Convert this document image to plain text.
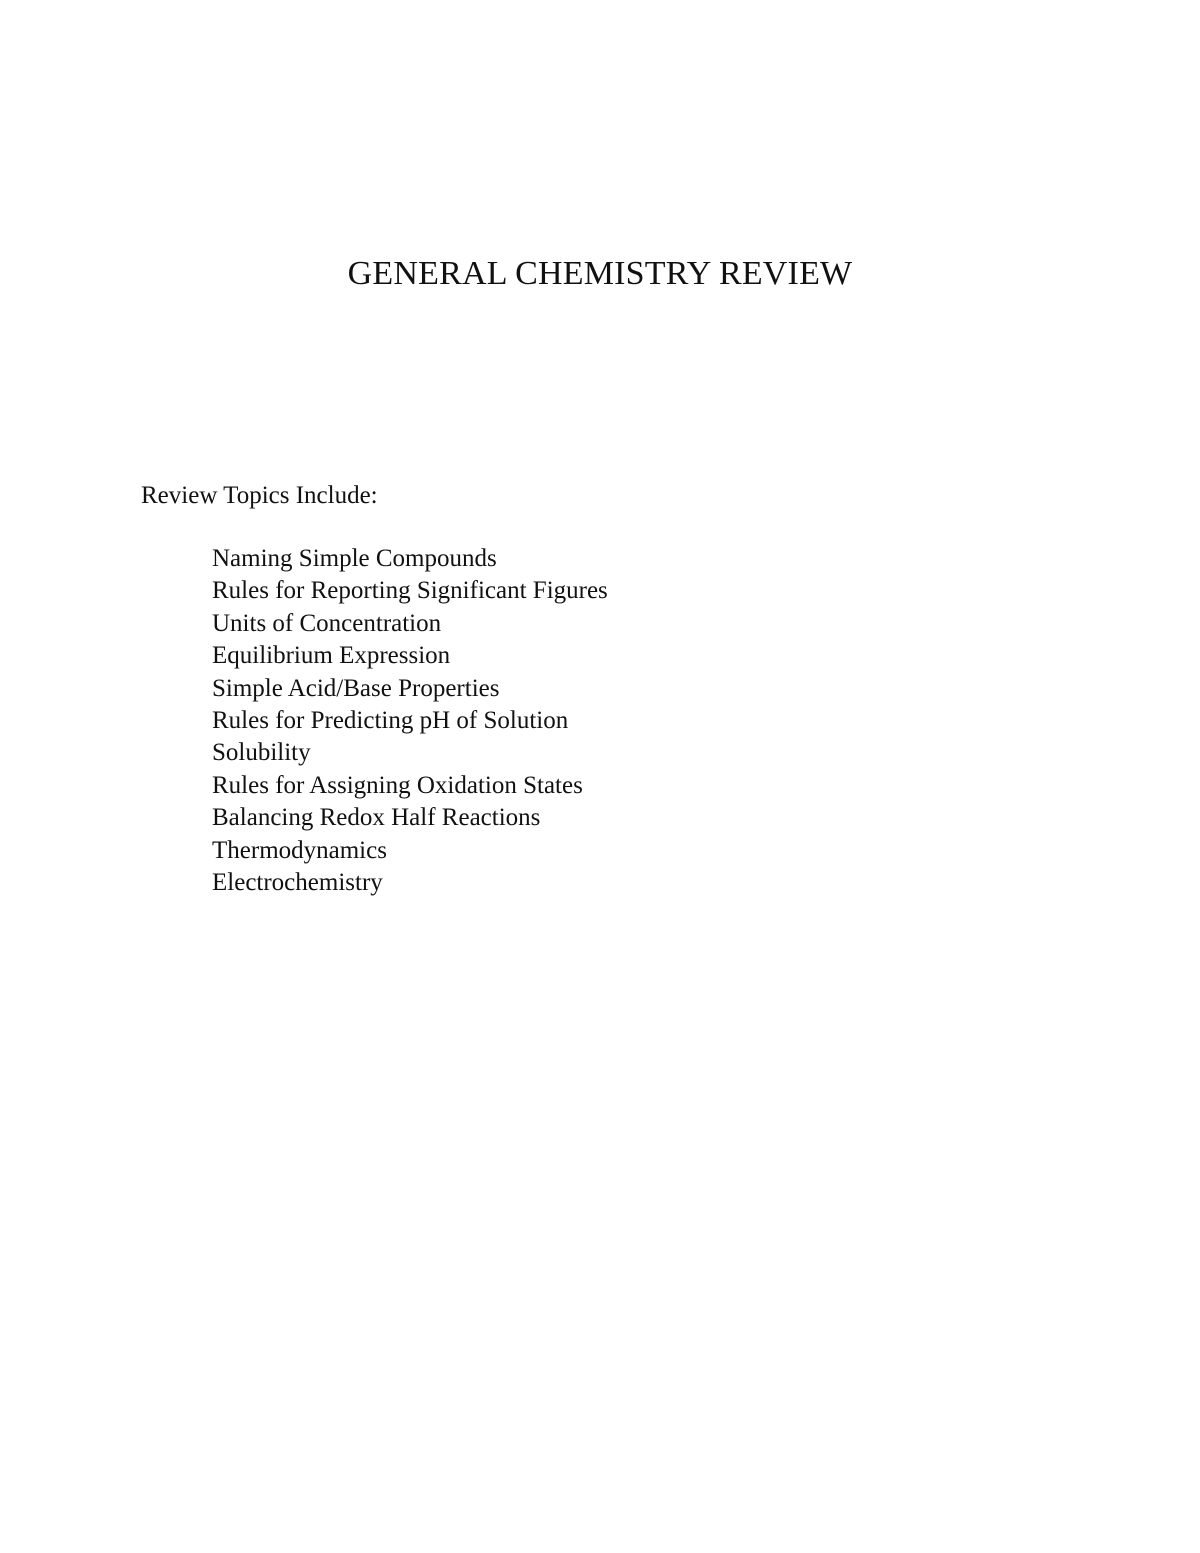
GENERAL CHEMISTRY REVIEW

Review Topics Include:

Naming Simple Compounds
Rules for Reporting Significant Figures
Units of Concentration
Equilibrium Expression
Simple Acid/Base Properties
Rules for Predicting pH of Solution
Solubility
Rules for Assigning Oxidation States
Balancing Redox Half Reactions
Thermodynamics
Electrochemistry
